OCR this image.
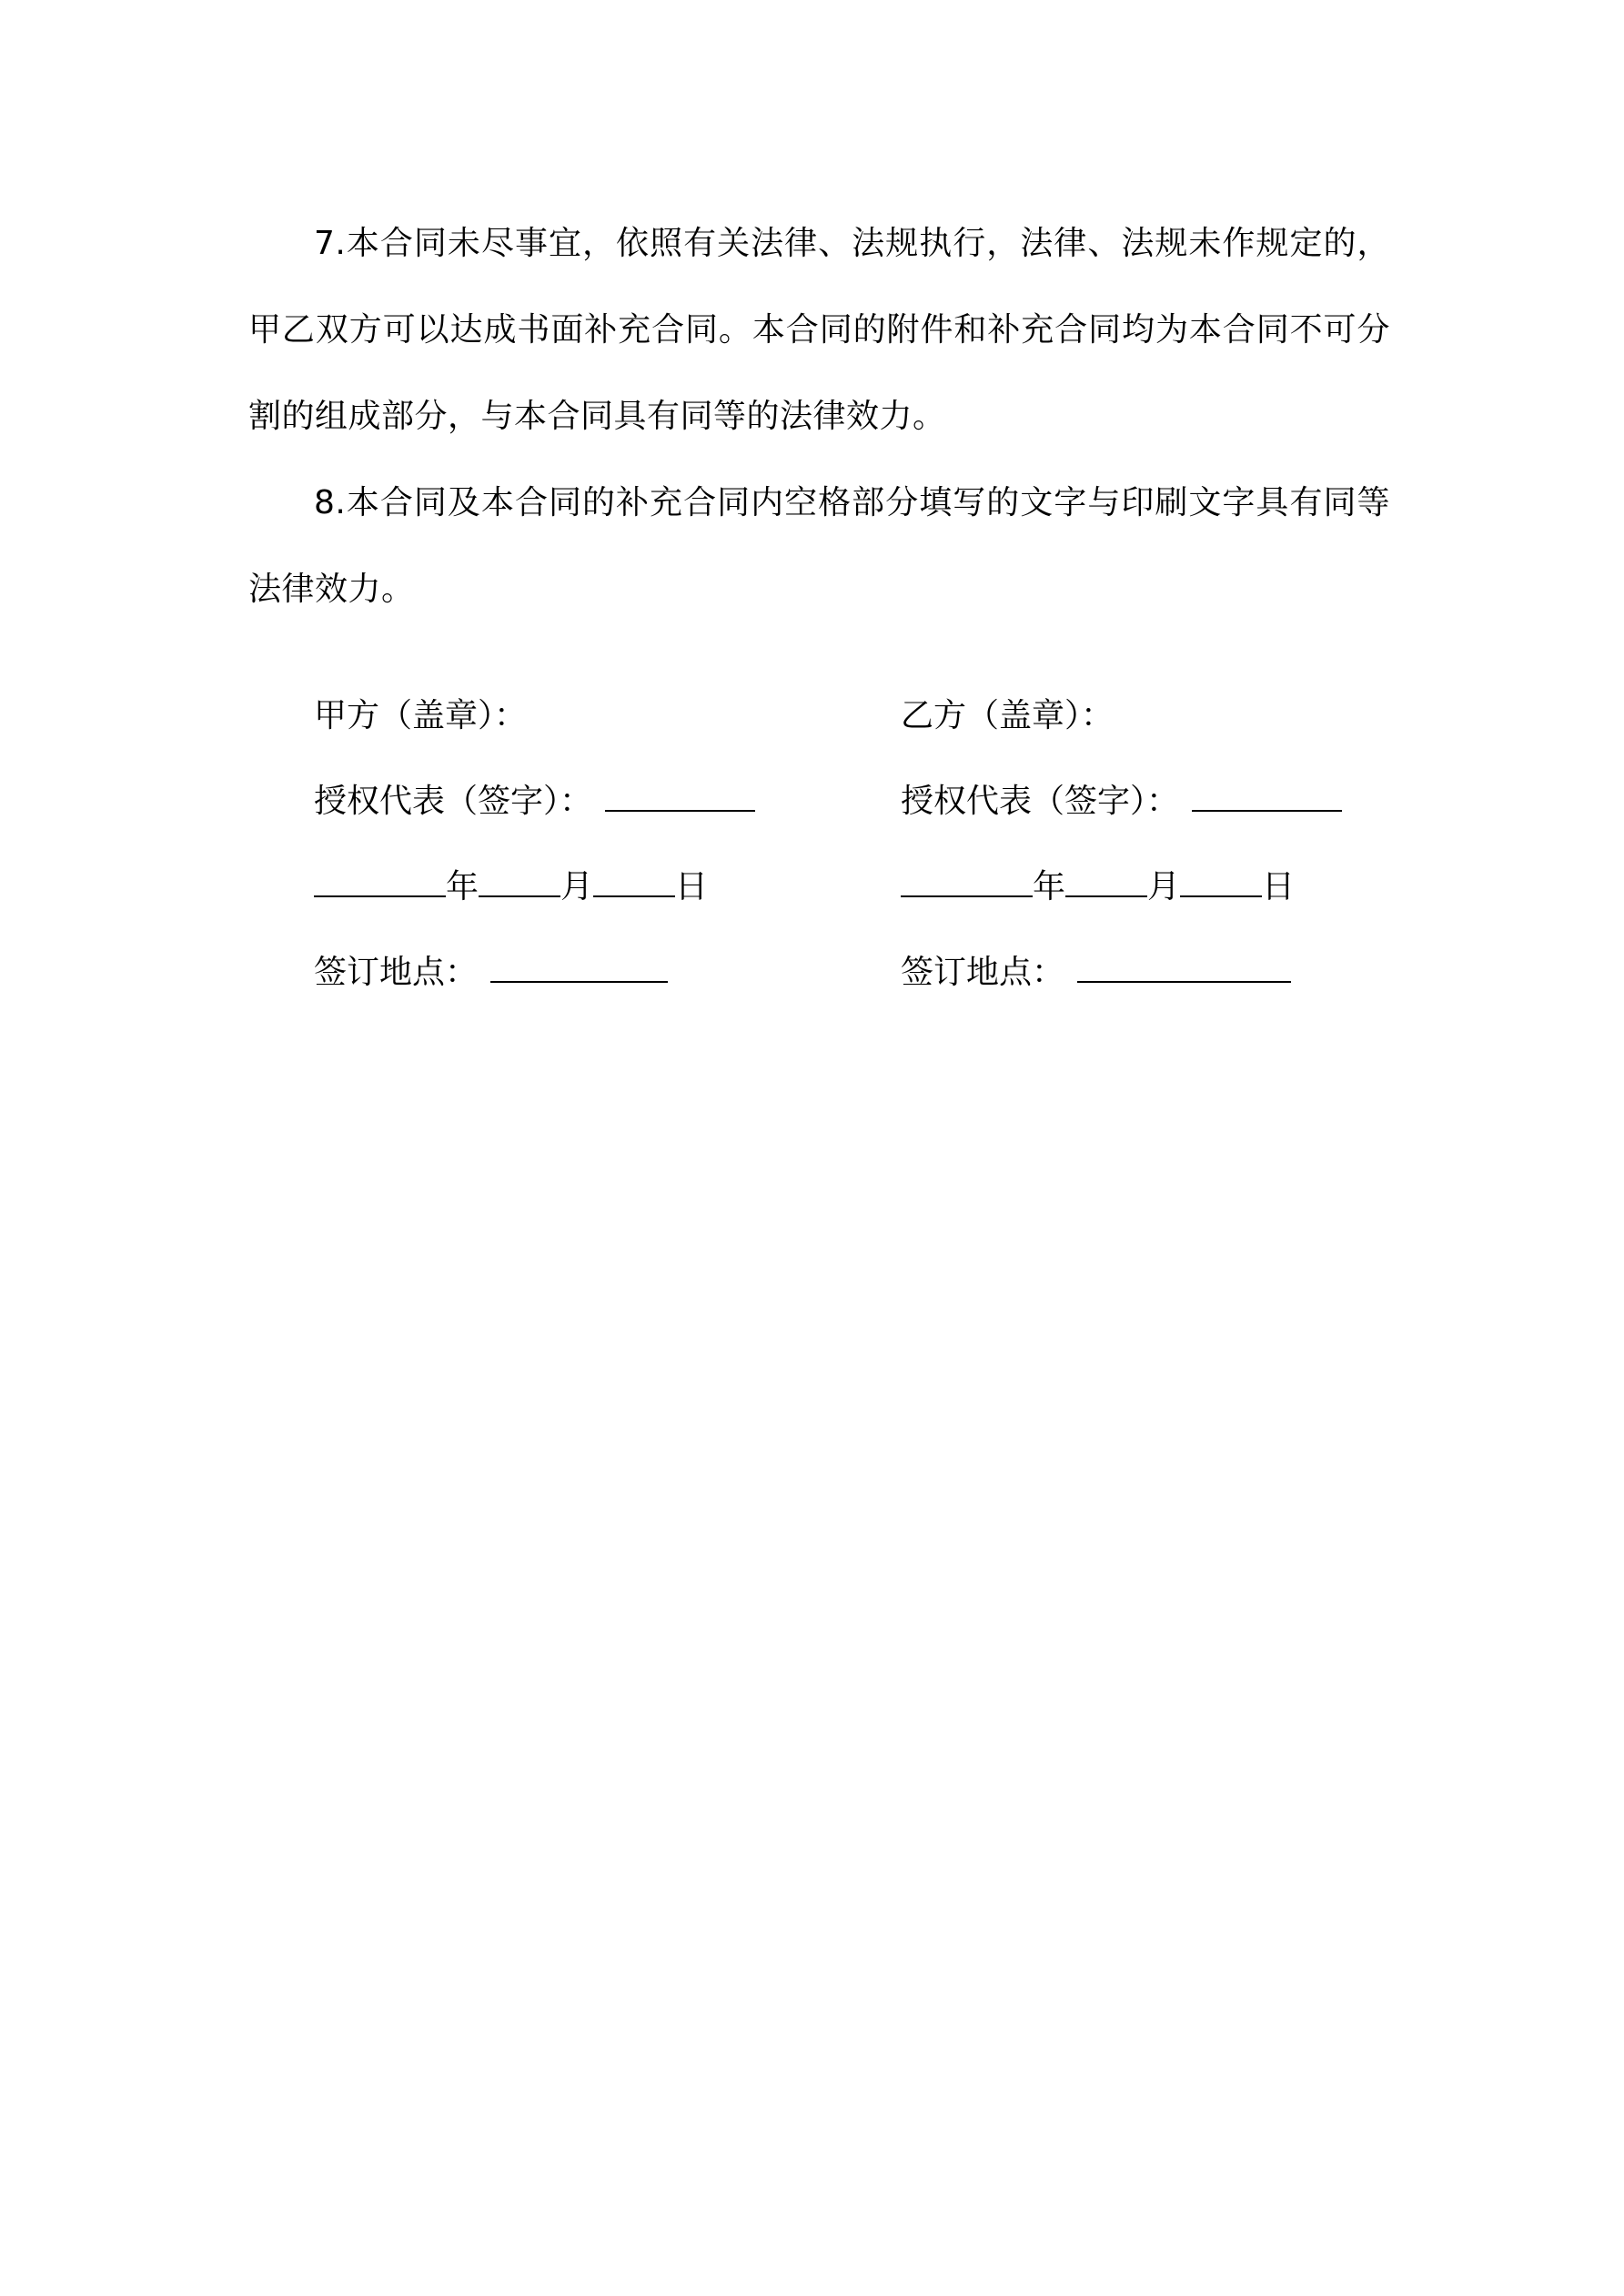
7.本合同未尽事宜，依照有关法律、法规执行，法律、法规未作规定的，甲乙双方可以达成书面补充合同。本合同的附件和补充合同均为本合同不可分割的组成部分，与本合同具有同等的法律效力。

8.本合同及本合同的补充合同内空格部分填写的文字与印刷文字具有同等法律效力。

甲方（盖章）：
授权代表（签字）：
年	月	日
签订地点：
乙方（盖章）：
授权代表（签字）：
年	月	日
签订地点：
